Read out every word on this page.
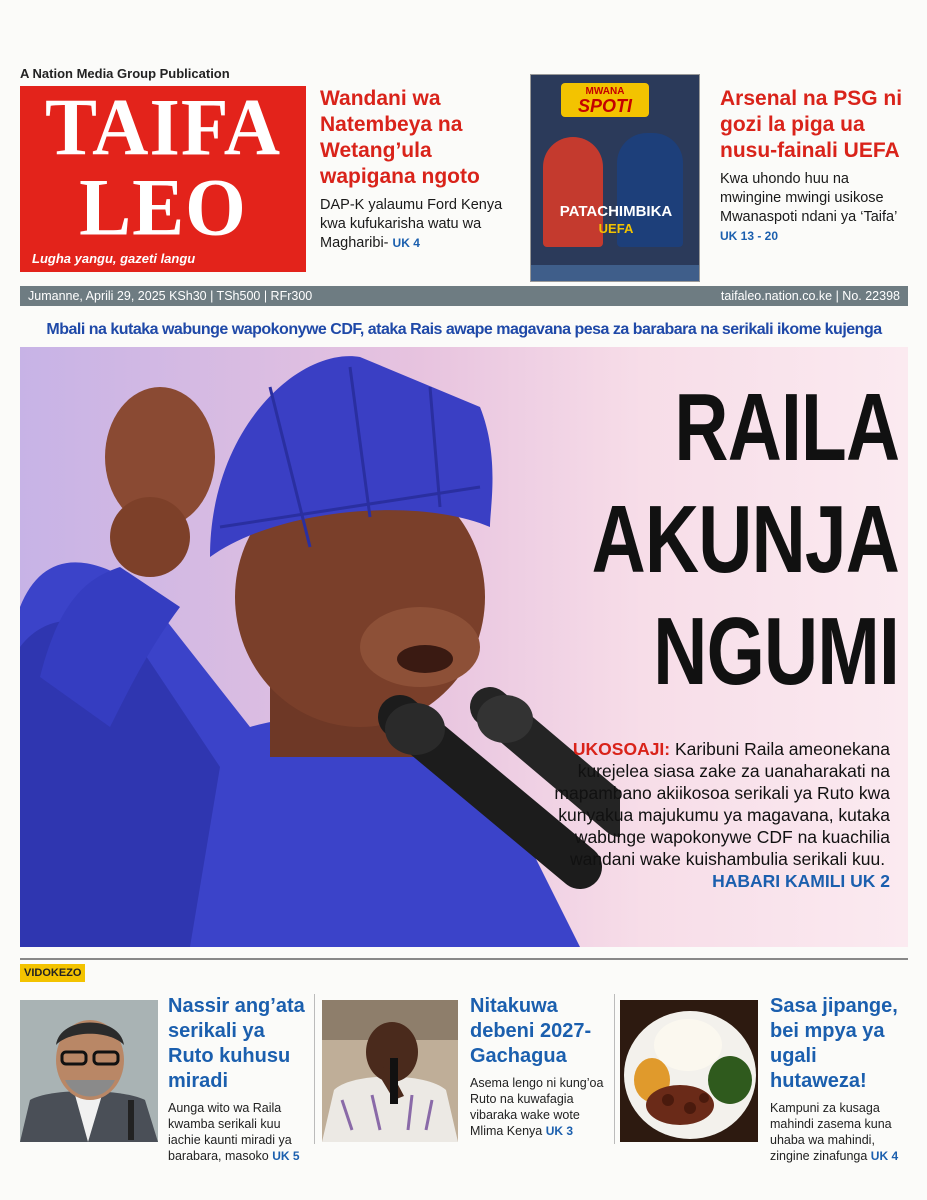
A Nation Media Group Publication
TAIFA
LEO
Lugha yangu, gazeti langu
Wandani wa Natembeya na Wetang’ula wapigana ngoto
DAP-K yalaumu Ford Kenya kwa kufukarisha watu wa Magharibi- UK 4
MWANA
SPOTI
PATACHIMBIKA
UEFA
Arsenal na PSG ni gozi la piga ua nusu-fainali UEFA
Kwa uhondo huu na mwingine mwingi usikose Mwanaspoti ndani ya ‘Taifa’ UK 13 - 20
Jumanne, Aprili 29, 2025 KSh30 | TSh500 | RFr300	taifaleo.nation.co.ke | No. 22398
Mbali na kutaka wabunge wapokonywe CDF, ataka Rais awape magavana pesa za barabara na serikali ikome kujenga
RAILA
AKUNJA
NGUMI
UKOSOAJI: Karibuni Raila ameonekana kurejelea siasa zake za uanaharakati na mapambano akiikosoa serikali ya Ruto kwa kunyakua majukumu ya magavana, kutaka wabunge wapokonywe CDF na kuachilia wandani wake kuishambulia serikali kuu.  HABARI KAMILI UK 2
VIDOKEZO
Nassir ang’ata serikali ya Ruto kuhusu miradi
Aunga wito wa Raila kwamba serikali kuu iachie kaunti miradi ya barabara, masoko UK 5
Nitakuwa debeni 2027-Gachagua
Asema lengo ni kung’oa Ruto na kuwafagia vibaraka wake wote Mlima Kenya UK 3
Sasa jipange, bei mpya ya ugali hutaweza!
Kampuni za kusaga mahindi zasema kuna uhaba wa mahindi, zingine zinafunga UK 4
